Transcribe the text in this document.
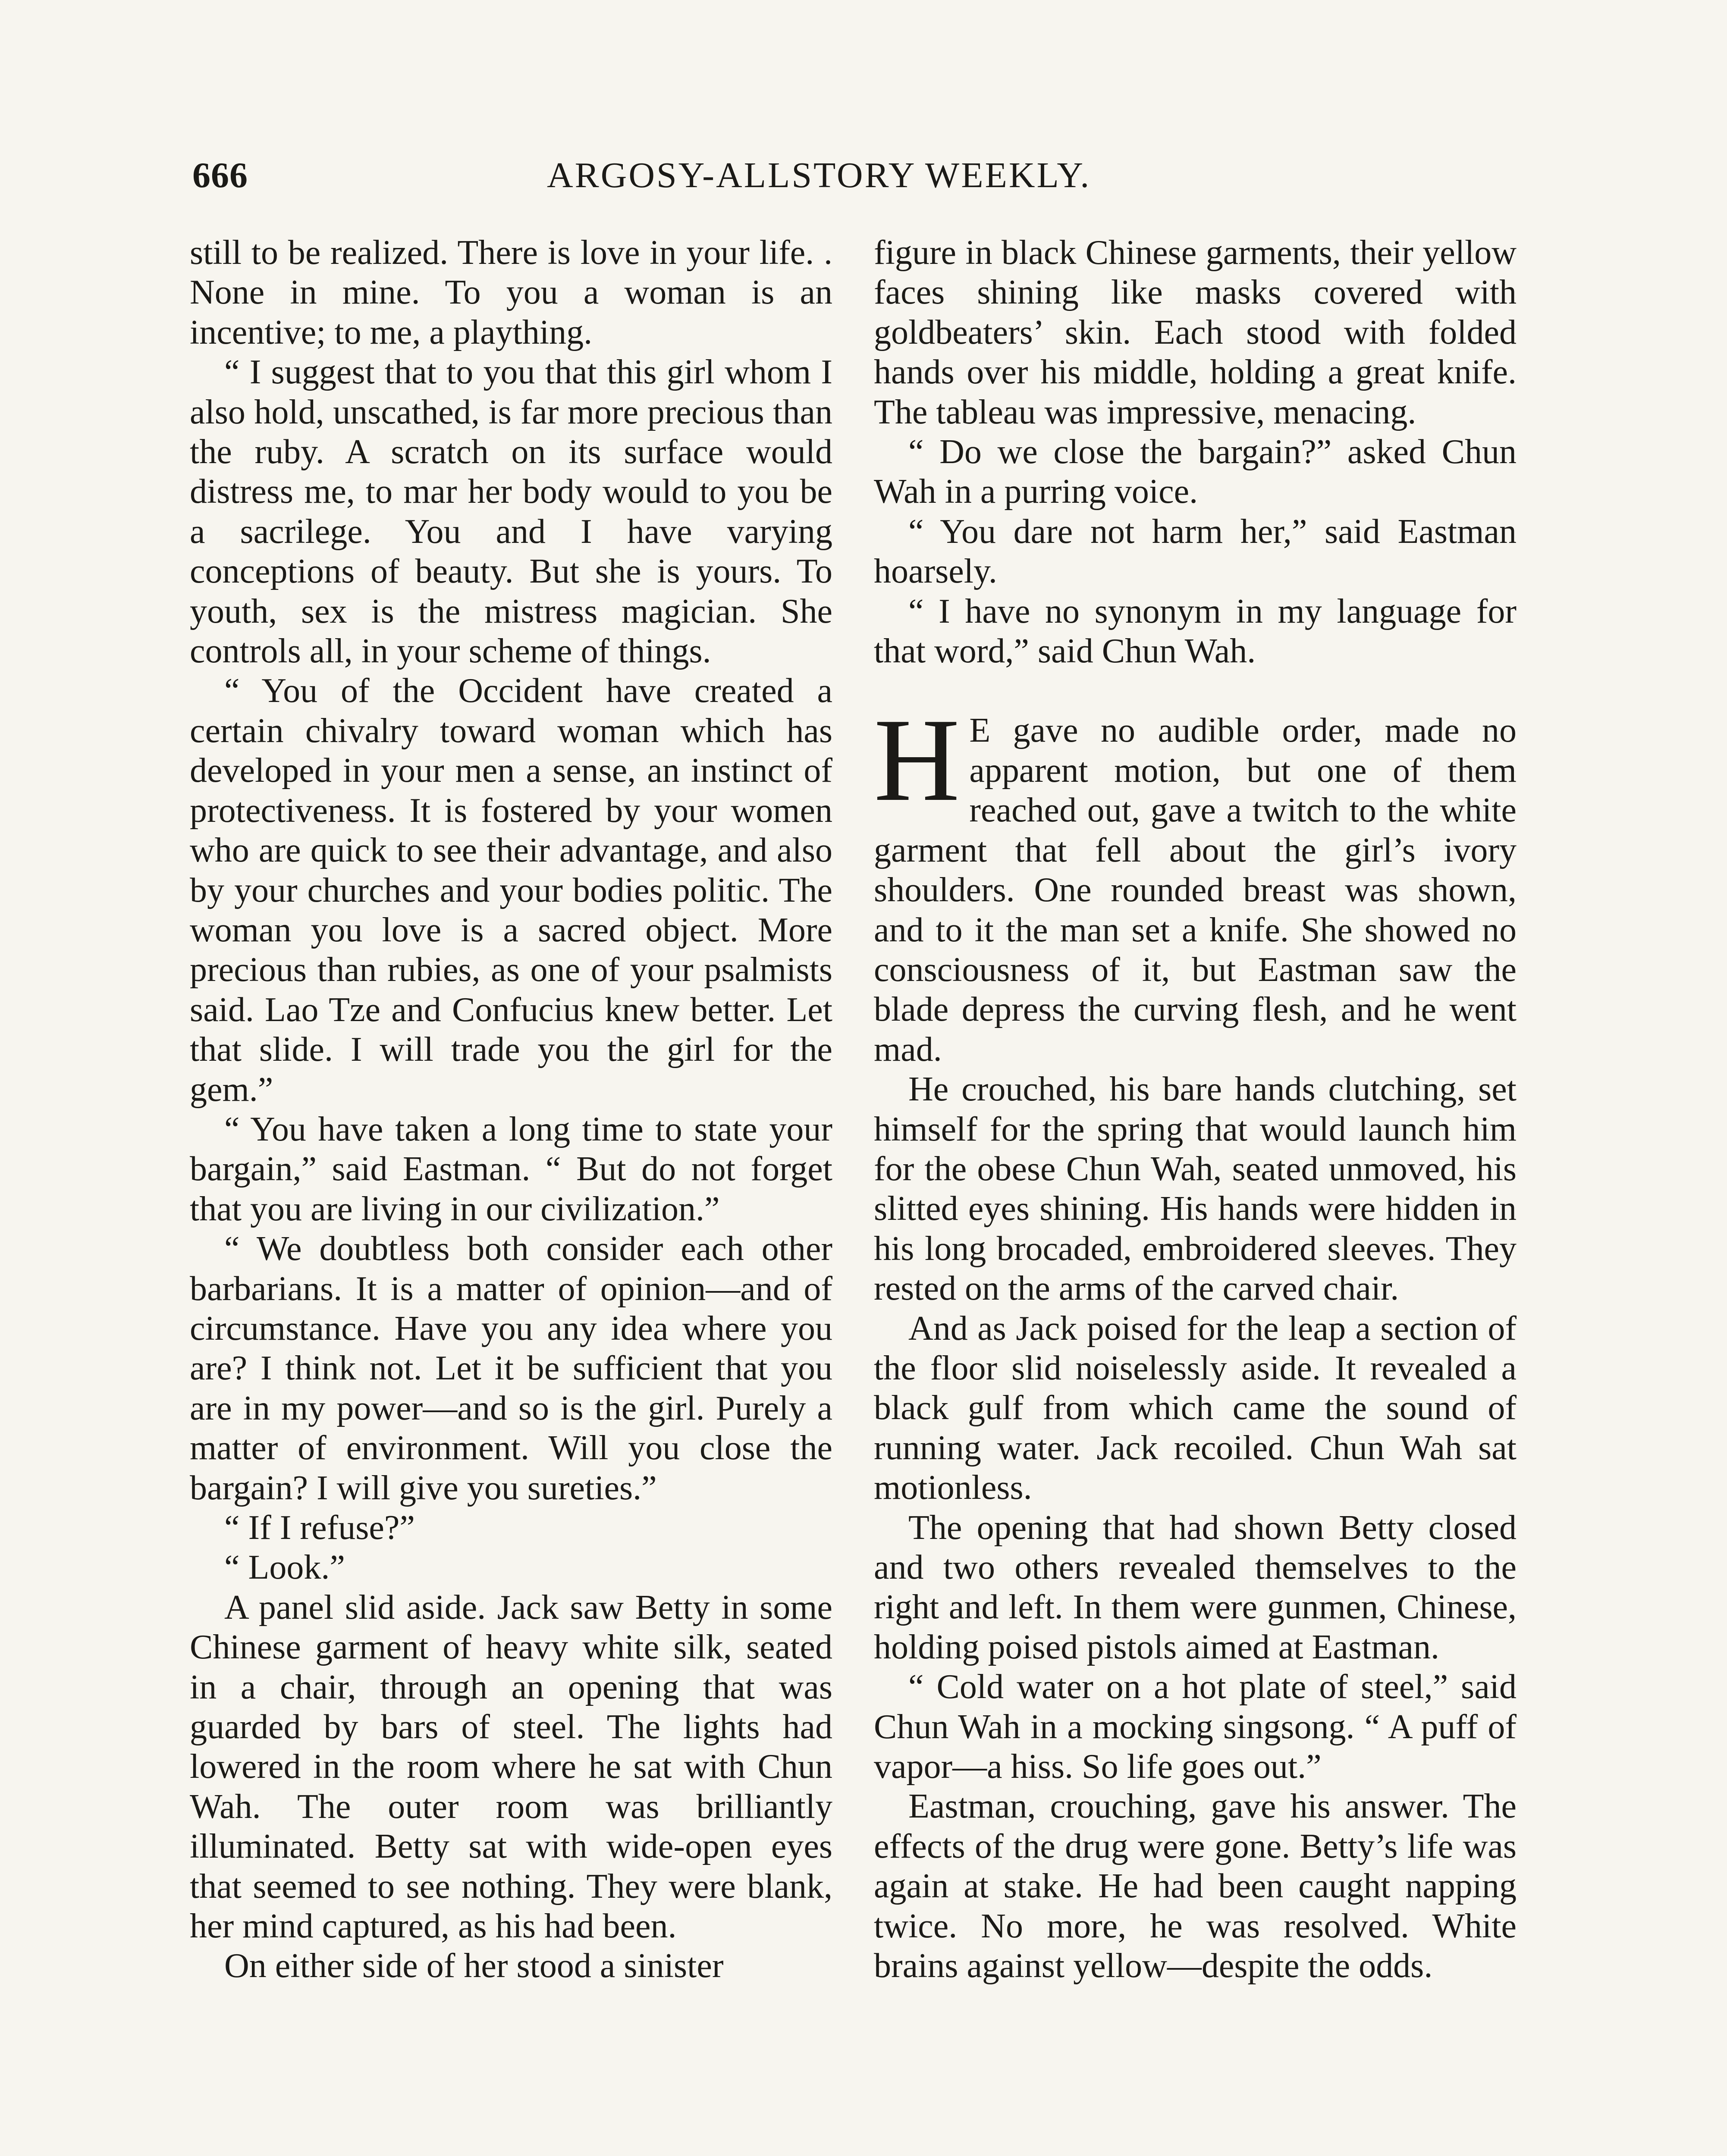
666	ARGOSY-ALLSTORY WEEKLY.

still to be realized. There is love in your life. . None in mine. To you a woman is an incentive; to me, a plaything.

“ I suggest that to you that this girl whom I also hold, unscathed, is far more precious than the ruby. A scratch on its surface would distress me, to mar her body would to you be a sacrilege. You and I have varying conceptions of beauty. But she is yours. To youth, sex is the mistress magician. She controls all, in your scheme of things.

“ You of the Occident have created a certain chivalry toward woman which has developed in your men a sense, an instinct of protectiveness. It is fostered by your women who are quick to see their advantage, and also by your churches and your bodies politic. The woman you love is a sacred object. More precious than rubies, as one of your psalmists said. Lao Tze and Confucius knew better. Let that slide. I will trade you the girl for the gem.”

“ You have taken a long time to state your bargain,” said Eastman. “ But do not forget that you are living in our civilization.”

“ We doubtless both consider each other barbarians. It is a matter of opinion—and of circumstance. Have you any idea where you are? I think not. Let it be sufficient that you are in my power—and so is the girl. Purely a matter of environment. Will you close the bargain? I will give you sureties.”

“ If I refuse?”

“ Look.”

A panel slid aside. Jack saw Betty in some Chinese garment of heavy white silk, seated in a chair, through an opening that was guarded by bars of steel. The lights had lowered in the room where he sat with Chun Wah. The outer room was brilliantly illuminated. Betty sat with wide-open eyes that seemed to see nothing. They were blank, her mind captured, as his had been.

On either side of her stood a sinister

figure in black Chinese garments, their yellow faces shining like masks covered with goldbeaters’ skin. Each stood with folded hands over his middle, holding a great knife. The tableau was impressive, menacing.

“ Do we close the bargain?” asked Chun Wah in a purring voice.

“ You dare not harm her,” said Eastman hoarsely.

“ I have no synonym in my language for that word,” said Chun Wah.

H E gave no audible order, made no apparent motion, but one of them reached out, gave a twitch to the white garment that fell about the girl’s ivory shoulders. One rounded breast was shown, and to it the man set a knife. She showed no consciousness of it, but Eastman saw the blade depress the curving flesh, and he went mad.

He crouched, his bare hands clutching, set himself for the spring that would launch him for the obese Chun Wah, seated unmoved, his slitted eyes shining. His hands were hidden in his long brocaded, embroidered sleeves. They rested on the arms of the carved chair.

And as Jack poised for the leap a section of the floor slid noiselessly aside. It revealed a black gulf from which came the sound of running water. Jack recoiled. Chun Wah sat motionless.

The opening that had shown Betty closed and two others revealed themselves to the right and left. In them were gunmen, Chinese, holding poised pistols aimed at Eastman.

“ Cold water on a hot plate of steel,” said Chun Wah in a mocking singsong. “ A puff of vapor—a hiss. So life goes out.”

Eastman, crouching, gave his answer. The effects of the drug were gone. Betty’s life was again at stake. He had been caught napping twice. No more, he was resolved. White brains against yellow—despite the odds.
